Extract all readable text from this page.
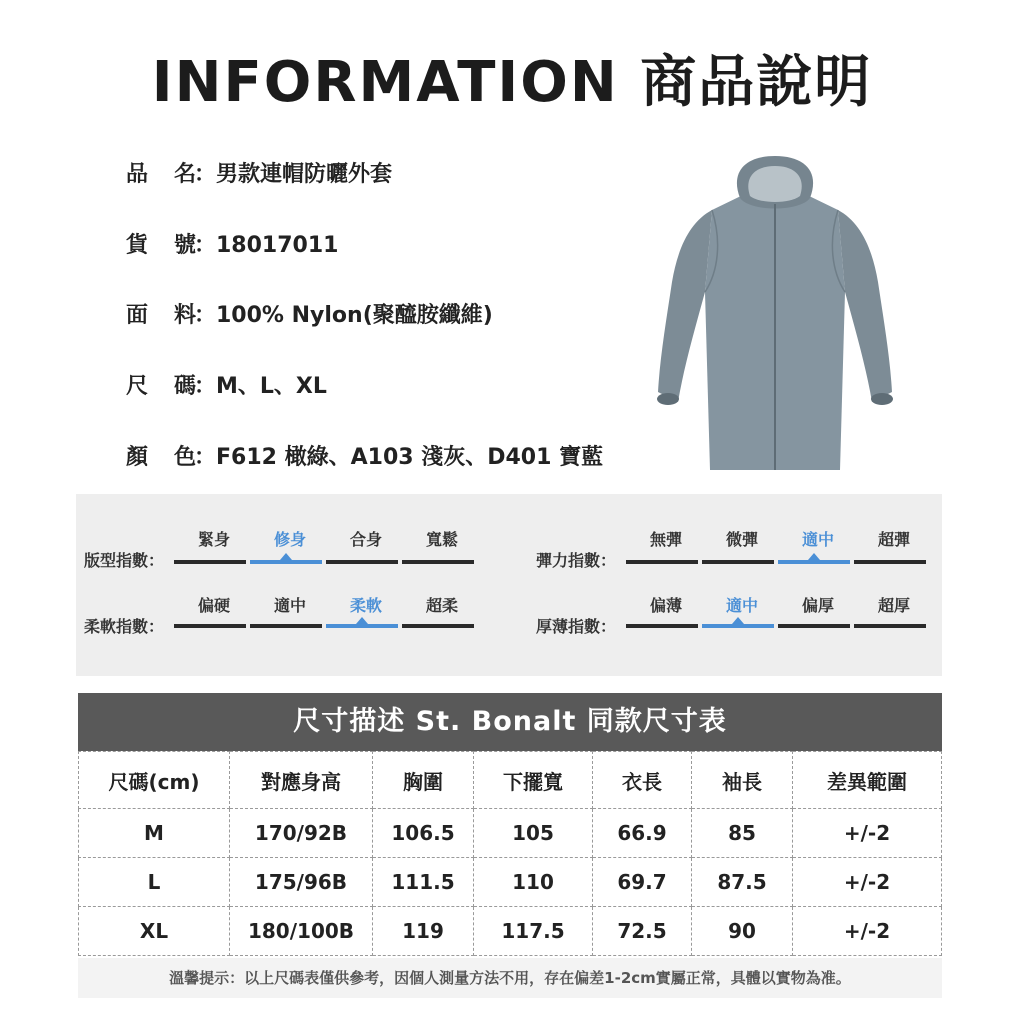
INFORMATION 商品說明
品 名：男款連帽防曬外套
貨 號：18017011
面 料：100% Nylon(聚醯胺纖維)
尺 碼：M、L、XL
顏 色：F612 橄綠、A103 淺灰、D401 寶藍
版型指數：
緊身	修身	合身	寬鬆
彈力指數：
無彈	微彈	適中	超彈
柔軟指數：
偏硬	適中	柔軟	超柔
厚薄指數：
偏薄	適中	偏厚	超厚
尺寸描述 St. Bonalt 同款尺寸表
尺碼(cm)	對應身高	胸圍	下擺寬	衣長	袖長	差異範圍
M	170/92B	106.5	105	66.9	85	+/-2
L	175/96B	111.5	110	69.7	87.5	+/-2
XL	180/100B	119	117.5	72.5	90	+/-2
溫馨提示：以上尺碼表僅供參考，因個人測量方法不用，存在偏差1-2cm實屬正常，具體以實物為准。
